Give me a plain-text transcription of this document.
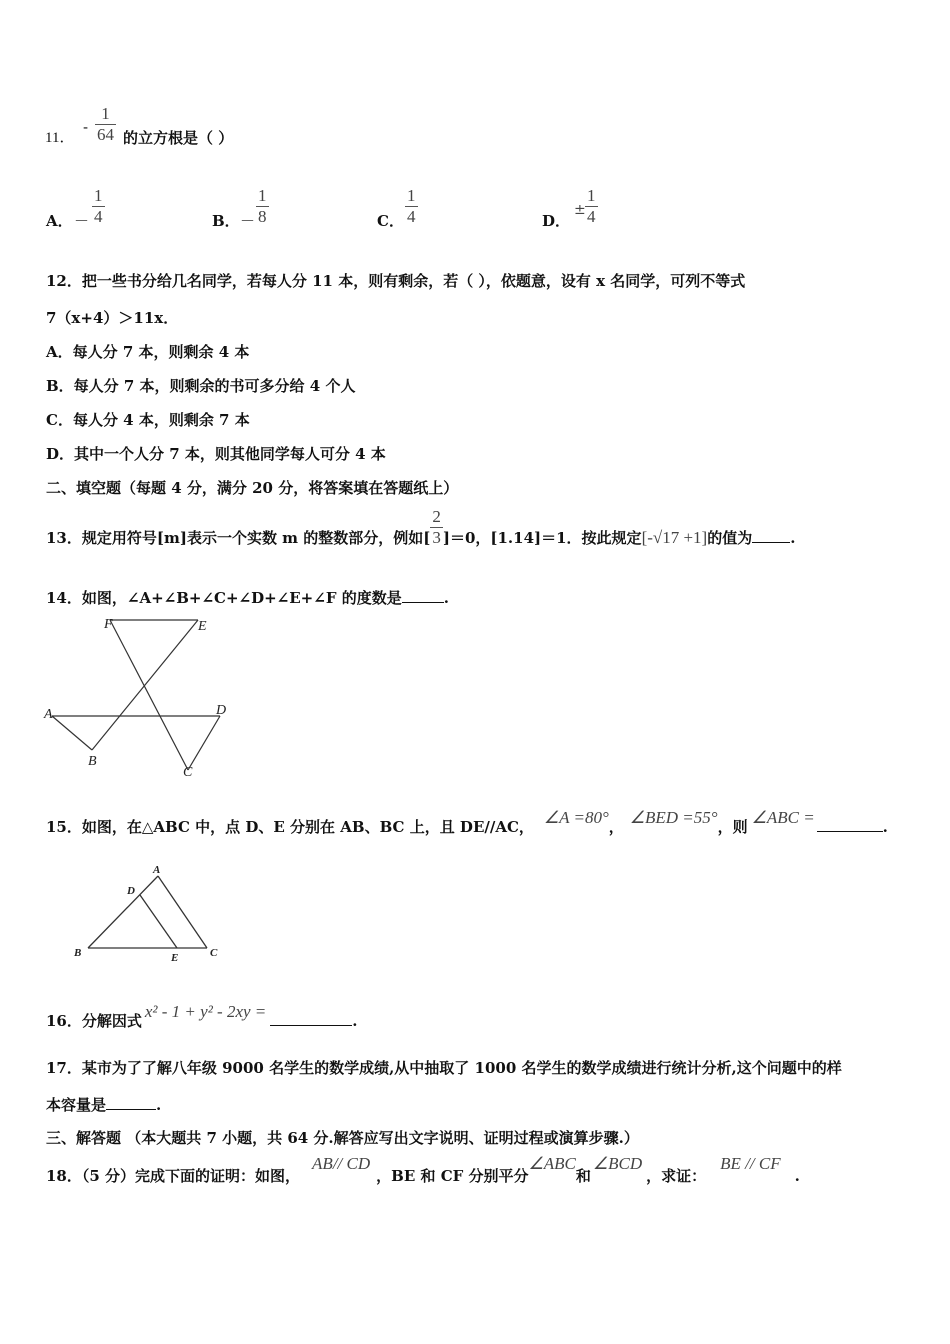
11．
- $\frac{1}{64}$ 的立方根是（ ）
A． － $\frac{1}{4}$	B． － $\frac{1}{8}$	C． $\frac{1}{4}$	D．
± $\frac{1}{4}$
12．把一些书分给几名同学，若每人分 11 本，则有剩余，若（ ），依题意，设有 x 名同学，可列不等式
7（x+4）＞11x．
A．每人分 7 本，则剩余 4 本
B．每人分 7 本，则剩余的书可多分给 4 个人
C．每人分 4 本，则剩余 7 本
D．其中一个人分 7 本，则其他同学每人可分 4 本
二、填空题（每题 4 分，满分 20 分，将答案填在答题纸上）
13．规定用符号[m]表示一个实数 m 的整数部分，例如[ $\frac{2}{3} ]=0$，[1.14]＝1．按此规定[-√17 +1]的值为	.
14．如图，∠A+∠B+∠C+∠D+∠E+∠F 的度数是	.
F	E
A	D
B
C
15．如图，在△ABC 中，点 D、E 分别在 AB、BC 上，且 DE//AC， ∠A =80°， ∠BED =55°，则 ∠ABC =	.
A
D
B	E	C
16．分解因式 x² - 1 + y² - 2xy =	.
17．某市为了了解八年级 9000 名学生的数学成绩,从中抽取了 1000 名学生的数学成绩进行统计分析,这个问题中的样
本容量是	.
三、解答题 （本大题共 7 小题，共 64 分.解答应写出文字说明、证明过程或演算步骤.）
18．（5 分）完成下面的证明：如图，AB// CD，BE 和 CF 分别平分∠ABC和∠BCD，求证：BE // CF.
